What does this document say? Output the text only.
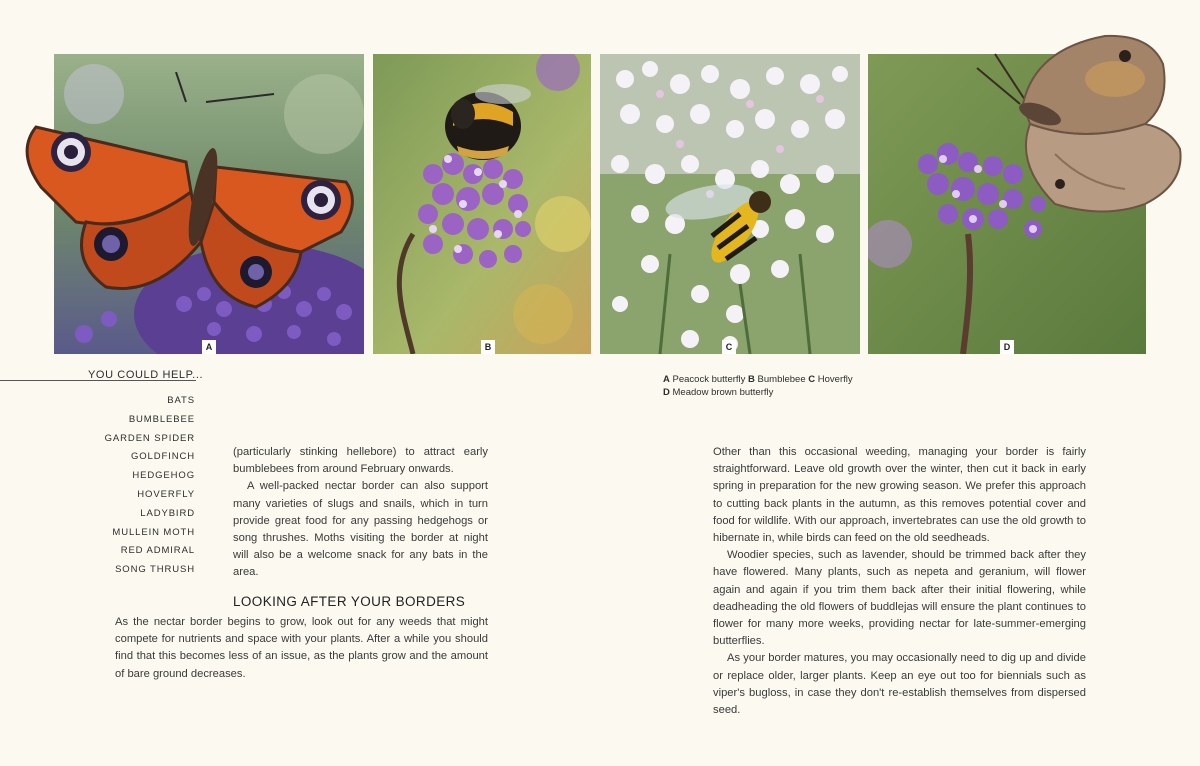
A	B	C	D
YOU COULD HELP...
BATS
BUMBLEBEE
GARDEN SPIDER
GOLDFINCH
HEDGEHOG
HOVERFLY
LADYBIRD
MULLEIN MOTH
RED ADMIRAL
SONG THRUSH
A Peacock butterfly B Bumblebee C Hoverfly
D Meadow brown butterfly

(particularly stinking hellebore) to attract early bumblebees from around February onwards.

A well-packed nectar border can also support many varieties of slugs and snails, which in turn provide great food for any passing hedgehogs or song thrushes. Moths visiting the border at night will also be a welcome snack for any bats in the area.

LOOKING AFTER YOUR BORDERS

As the nectar border begins to grow, look out for any weeds that might compete for nutrients and space with your plants. After a while you should find that this becomes less of an issue, as the plants grow and the amount of bare ground decreases.

Other than this occasional weeding, managing your border is fairly straightforward. Leave old growth over the winter, then cut it back in early spring in preparation for the new growing season. We prefer this approach to cutting back plants in the autumn, as this removes potential cover and food for wildlife. With our approach, invertebrates can use the old growth to hibernate in, while birds can feed on the old seedheads.

Woodier species, such as lavender, should be trimmed back after they have flowered. Many plants, such as nepeta and geranium, will flower again and again if you trim them back after their initial flowering, while deadheading the old flowers of buddlejas will ensure the plant continues to flower for many more weeks, providing nectar for late-summer-emerging butterflies.

As your border matures, you may occasionally need to dig up and divide or replace older, larger plants. Keep an eye out too for biennials such as viper's bugloss, in case they don't re-establish themselves from dispersed seed.
